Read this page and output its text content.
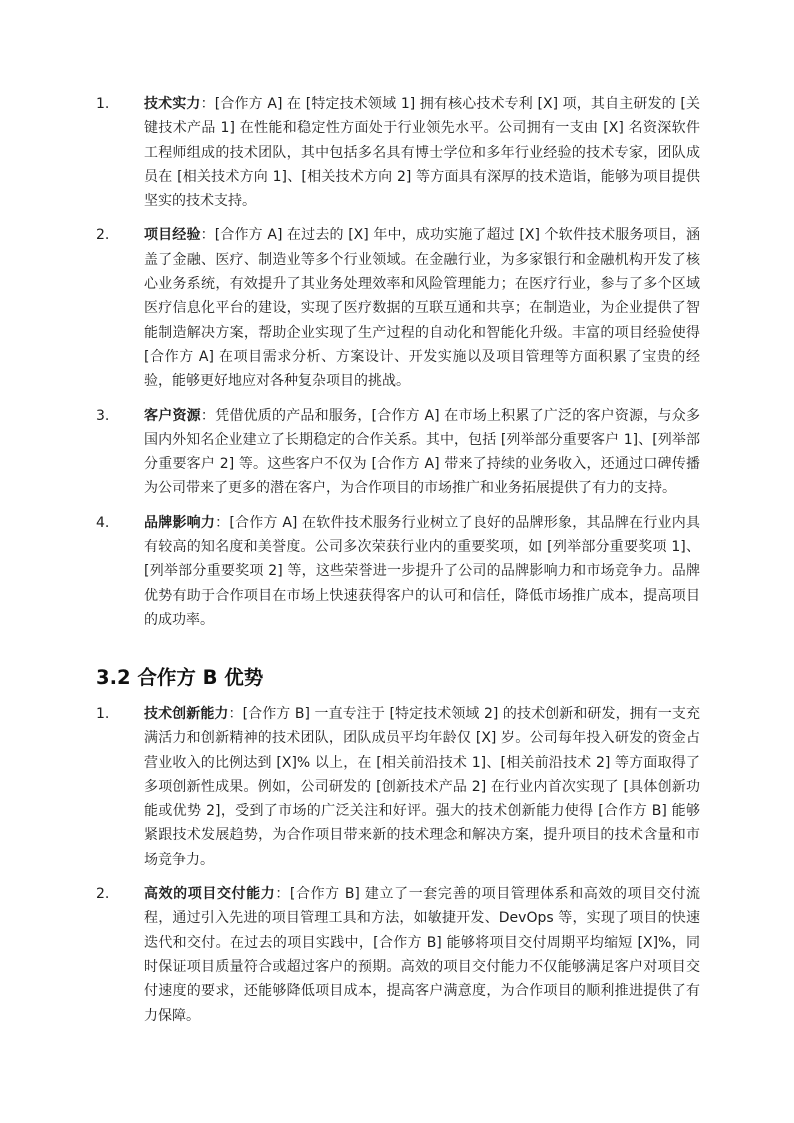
1.	技术实力：[合作方 A] 在 [特定技术领域 1] 拥有核心技术专利 [X] 项，其自主研发的 [关键技术产品 1] 在性能和稳定性方面处于行业领先水平。公司拥有一支由 [X] 名资深软件工程师组成的技术团队，其中包括多名具有博士学位和多年行业经验的技术专家，团队成员在 [相关技术方向 1]、[相关技术方向 2] 等方面具有深厚的技术造诣，能够为项目提供坚实的技术支持。
2.	项目经验：[合作方 A] 在过去的 [X] 年中，成功实施了超过 [X] 个软件技术服务项目，涵盖了金融、医疗、制造业等多个行业领域。在金融行业，为多家银行和金融机构开发了核心业务系统，有效提升了其业务处理效率和风险管理能力；在医疗行业，参与了多个区域医疗信息化平台的建设，实现了医疗数据的互联互通和共享；在制造业，为企业提供了智能制造解决方案，帮助企业实现了生产过程的自动化和智能化升级。丰富的项目经验使得 [合作方 A] 在项目需求分析、方案设计、开发实施以及项目管理等方面积累了宝贵的经验，能够更好地应对各种复杂项目的挑战。
3.	客户资源：凭借优质的产品和服务，[合作方 A] 在市场上积累了广泛的客户资源，与众多国内外知名企业建立了长期稳定的合作关系。其中，包括 [列举部分重要客户 1]、[列举部分重要客户 2] 等。这些客户不仅为 [合作方 A] 带来了持续的业务收入，还通过口碑传播为公司带来了更多的潜在客户，为合作项目的市场推广和业务拓展提供了有力的支持。
4.	品牌影响力：[合作方 A] 在软件技术服务行业树立了良好的品牌形象，其品牌在行业内具有较高的知名度和美誉度。公司多次荣获行业内的重要奖项，如 [列举部分重要奖项 1]、[列举部分重要奖项 2] 等，这些荣誉进一步提升了公司的品牌影响力和市场竞争力。品牌优势有助于合作项目在市场上快速获得客户的认可和信任，降低市场推广成本，提高项目的成功率。
3.2 合作方 B 优势
1.	技术创新能力：[合作方 B] 一直专注于 [特定技术领域 2] 的技术创新和研发，拥有一支充满活力和创新精神的技术团队，团队成员平均年龄仅 [X] 岁。公司每年投入研发的资金占营业收入的比例达到 [X]% 以上，在 [相关前沿技术 1]、[相关前沿技术 2] 等方面取得了多项创新性成果。例如，公司研发的 [创新技术产品 2] 在行业内首次实现了 [具体创新功能或优势 2]，受到了市场的广泛关注和好评。强大的技术创新能力使得 [合作方 B] 能够紧跟技术发展趋势，为合作项目带来新的技术理念和解决方案，提升项目的技术含量和市场竞争力。
2.	高效的项目交付能力：[合作方 B] 建立了一套完善的项目管理体系和高效的项目交付流程，通过引入先进的项目管理工具和方法，如敏捷开发、DevOps 等，实现了项目的快速迭代和交付。在过去的项目实践中，[合作方 B] 能够将项目交付周期平均缩短 [X]%，同时保证项目质量符合或超过客户的预期。高效的项目交付能力不仅能够满足客户对项目交付速度的要求，还能够降低项目成本，提高客户满意度，为合作项目的顺利推进提供了有力保障。
